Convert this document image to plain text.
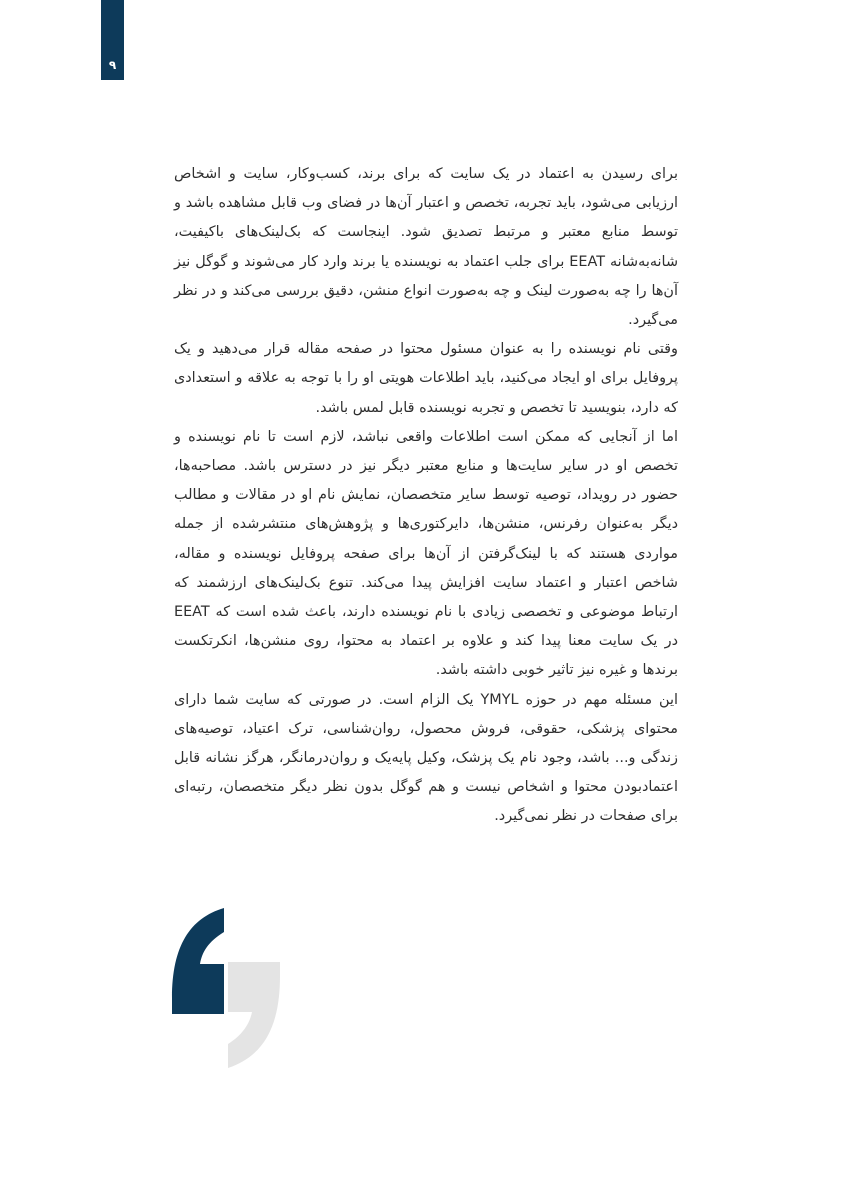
۹

برای رسیدن به اعتماد در یک سایت که برای برند، کسب‌وکار، سایت و اشخاص ارزیابی می‌شود، باید تجربه، تخصص و اعتبار آن‌ها در فضای وب قابل مشاهده باشد و توسط منابع معتبر و مرتبط تصدیق شود. اینجاست که بک‌لینک‌های باکیفیت، شانه‌به‌شانه EEAT برای جلب اعتماد به نویسنده یا برند وارد کار می‌شوند و گوگل نیز آن‌ها را چه به‌صورت لینک و چه به‌صورت انواع منشن، دقیق بررسی می‌کند و در نظر می‌گیرد.

وقتی نام نویسنده را به عنوان مسئول محتوا در صفحه مقاله قرار می‌دهید و یک پروفایل برای او ایجاد می‌کنید، باید اطلاعات هویتی او را با توجه به علاقه و استعدادی که دارد، بنویسید تا تخصص و تجربه نویسنده قابل لمس باشد.

اما از آنجایی که ممکن است اطلاعات واقعی نباشد، لازم است تا نام نویسنده و تخصص او در سایر سایت‌ها و منابع معتبر دیگر نیز در دسترس باشد. مصاحبه‌ها، حضور در رویداد، توصیه توسط سایر متخصصان، نمایش نام او در مقالات و مطالب دیگر به‌عنوان رفرنس، منشن‌ها، دایرکتوری‌ها و پژوهش‌های منتشرشده از جمله مواردی هستند که با لینک‌گرفتن از آن‌ها برای صفحه پروفایل نویسنده و مقاله، شاخص اعتبار و اعتماد سایت افزایش پیدا می‌کند. تنوع بک‌لینک‌های ارزشمند که ارتباط موضوعی و تخصصی زیادی با نام نویسنده دارند، باعث شده است که EEAT در یک سایت معنا پیدا کند و علاوه بر اعتماد به محتوا، روی منشن‌ها، انکرتکست برندها و غیره نیز تاثیر خوبی داشته باشد.

این مسئله مهم در حوزه YMYL یک الزام است. در صورتی که سایت شما دارای محتوای پزشکی، حقوقی، فروش محصول، روان‌شناسی، ترک اعتیاد، توصیه‌های زندگی و... باشد، وجود نام یک پزشک، وکیل پایه‌یک و روان‌درمانگر، هرگز نشانه قابل اعتمادبودن محتوا و اشخاص نیست و هم گوگل بدون نظر دیگر متخصصان، رتبه‌ای برای صفحات در نظر نمی‌گیرد.
